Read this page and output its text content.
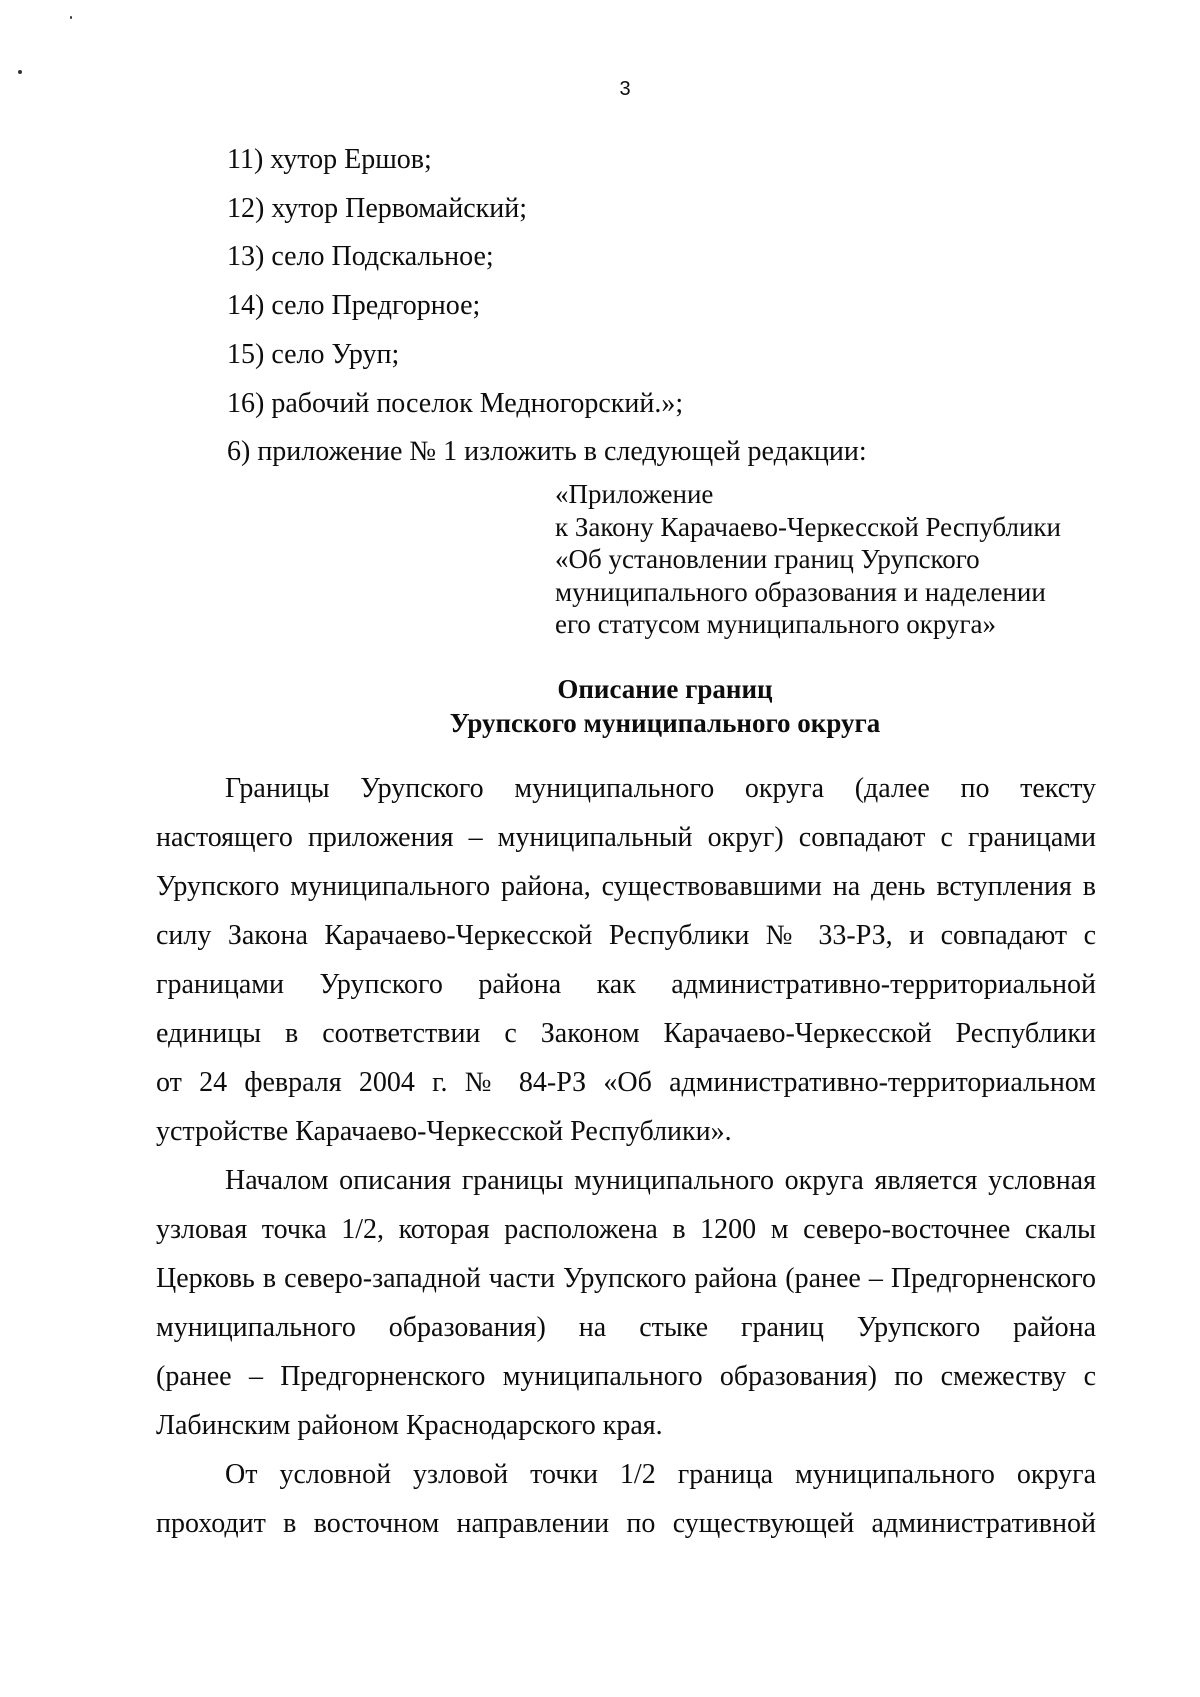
3
11) хутор Ершов;
12) хутор Первомайский;
13) село Подскальное;
14) село Предгорное;
15) село Уруп;
16) рабочий поселок Медногорский.»;
6) приложение № 1 изложить в следующей редакции:
«Приложение
к Закону Карачаево-Черкесской Республики
«Об установлении границ Урупского
муниципального образования и наделении
его статусом муниципального округа»
Описание границ
Урупского муниципального округа
Границы Урупского муниципального округа (далее по тексту
настоящего приложения – муниципальный округ) совпадают с границами
Урупского муниципального района, существовавшими на день вступления в
силу Закона Карачаево-Черкесской Республики № 33-РЗ, и совпадают с
границами Урупского района как административно-территориальной
единицы в соответствии с Законом Карачаево-Черкесской Республики
от 24 февраля 2004 г. № 84-РЗ «Об административно-территориальном
устройстве Карачаево-Черкесской Республики».
Началом описания границы муниципального округа является условная
узловая точка 1/2, которая расположена в 1200 м северо-восточнее скалы
Церковь в северо-западной части Урупского района (ранее – Предгорненского
муниципального образования) на стыке границ Урупского района
(ранее – Предгорненского муниципального образования) по смежеству с
Лабинским районом Краснодарского края.
От условной узловой точки 1/2 граница муниципального округа
проходит в восточном направлении по существующей административной
